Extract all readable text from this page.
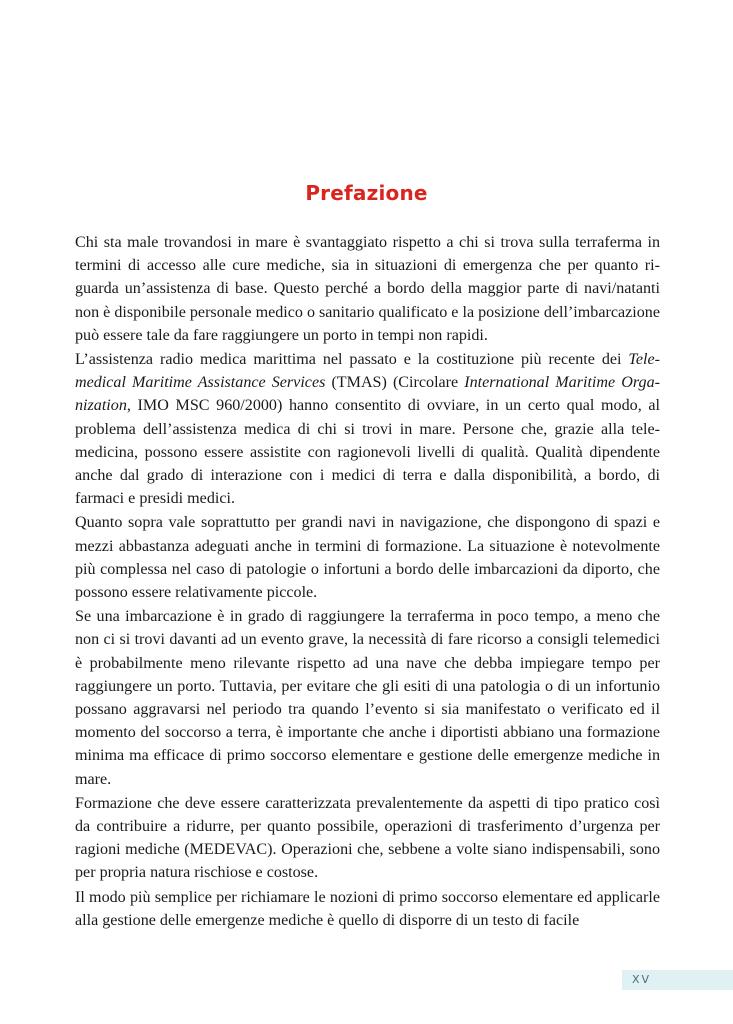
Prefazione

Chi sta male trovandosi in mare è svantaggiato rispetto a chi si trova sulla terraferma in termini di accesso alle cure mediche, sia in situazioni di emergenza che per quanto riguarda un’assistenza di base. Questo perché a bordo della maggior parte di navi/natanti non è disponibile personale medico o sanitario qualificato e la posizione dell’imbarcazione può essere tale da fare raggiungere un porto in tempi non rapidi.

L’assistenza radio medica marittima nel passato e la costituzione più recente dei Telemedical Maritime Assistance Services (TMAS) (Circolare International Maritime Organization, IMO MSC 960/2000) hanno consentito di ovviare, in un certo qual modo, al problema dell’assistenza medica di chi si trovi in mare. Persone che, grazie alla telemedicina, possono essere assistite con ragionevoli livelli di qualità. Qualità dipendente anche dal grado di interazione con i medici di terra e dalla disponibilità, a bordo, di farmaci e presidi medici.

Quanto sopra vale soprattutto per grandi navi in navigazione, che dispongono di spazi e mezzi abbastanza adeguati anche in termini di formazione. La situazione è notevolmente più complessa nel caso di patologie o infortuni a bordo delle imbarcazioni da diporto, che possono essere relativamente piccole.

Se una imbarcazione è in grado di raggiungere la terraferma in poco tempo, a meno che non ci si trovi davanti ad un evento grave, la necessità di fare ricorso a consigli telemedici è probabilmente meno rilevante rispetto ad una nave che debba impiegare tempo per raggiungere un porto. Tuttavia, per evitare che gli esiti di una patologia o di un infortunio possano aggravarsi nel periodo tra quando l’evento si sia manifestato o verificato ed il momento del soccorso a terra, è importante che anche i diportisti abbiano una formazione minima ma efficace di primo soccorso elementare e gestione delle emergenze mediche in mare.

Formazione che deve essere caratterizzata prevalentemente da aspetti di tipo pratico così da contribuire a ridurre, per quanto possibile, operazioni di trasferimento d’urgenza per ragioni mediche (MEDEVAC). Operazioni che, sebbene a volte siano indispensabili, sono per propria natura rischiose e costose.

Il modo più semplice per richiamare le nozioni di primo soccorso elementare ed applicarle alla gestione delle emergenze mediche è quello di disporre di un testo di facile

XV
